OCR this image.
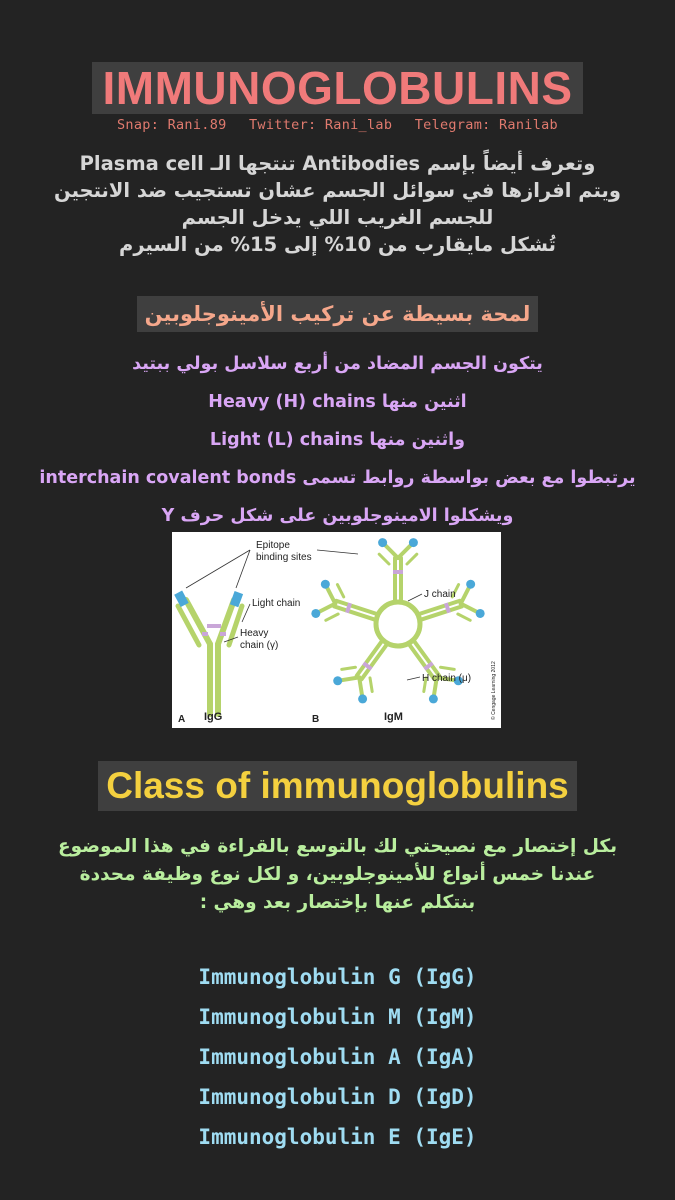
IMMUNOGLOBULINS
Snap: Rani.89 Twitter: Rani_lab Telegram: Ranilab
وتعرف أيضاً بإسم Antibodies تنتجها الـ Plasma cell
ويتم افرازها في سوائل الجسم عشان تستجيب ضد الانتجين
للجسم الغريب اللي يدخل الجسم
تُشكل مايقارب من 10% إلى 15% من السيرم
لمحة بسيطة عن تركيب الأمينوجلوبين
يتكون الجسم المضاد من أربع سلاسل بولي ببتيد
اثنين منها Heavy (H) chains
واثنين منها Light (L) chains
يرتبطوا مع بعض بواسطة روابط تسمى interchain covalent bonds
ويشكلوا الامينوجلوبين على شكل حرف Y
Epitope
binding sites
Light chain
Heavy
chain (γ)
J chain
H chain (μ)
A IgG	B	IgM	© Cengage Learning 2012
Class of immunoglobulins
بكل إختصار مع نصيحتي لك بالتوسع بالقراءة في هذا الموضوع
عندنا خمس أنواع للأمينوجلوبين، و لكل نوع وظيفة محددة
بنتكلم عنها بإختصار بعد وهي :
Immunoglobulin G (IgG)
Immunoglobulin M (IgM)
Immunoglobulin A (IgA)
Immunoglobulin D (IgD)
Immunoglobulin E (IgE)
